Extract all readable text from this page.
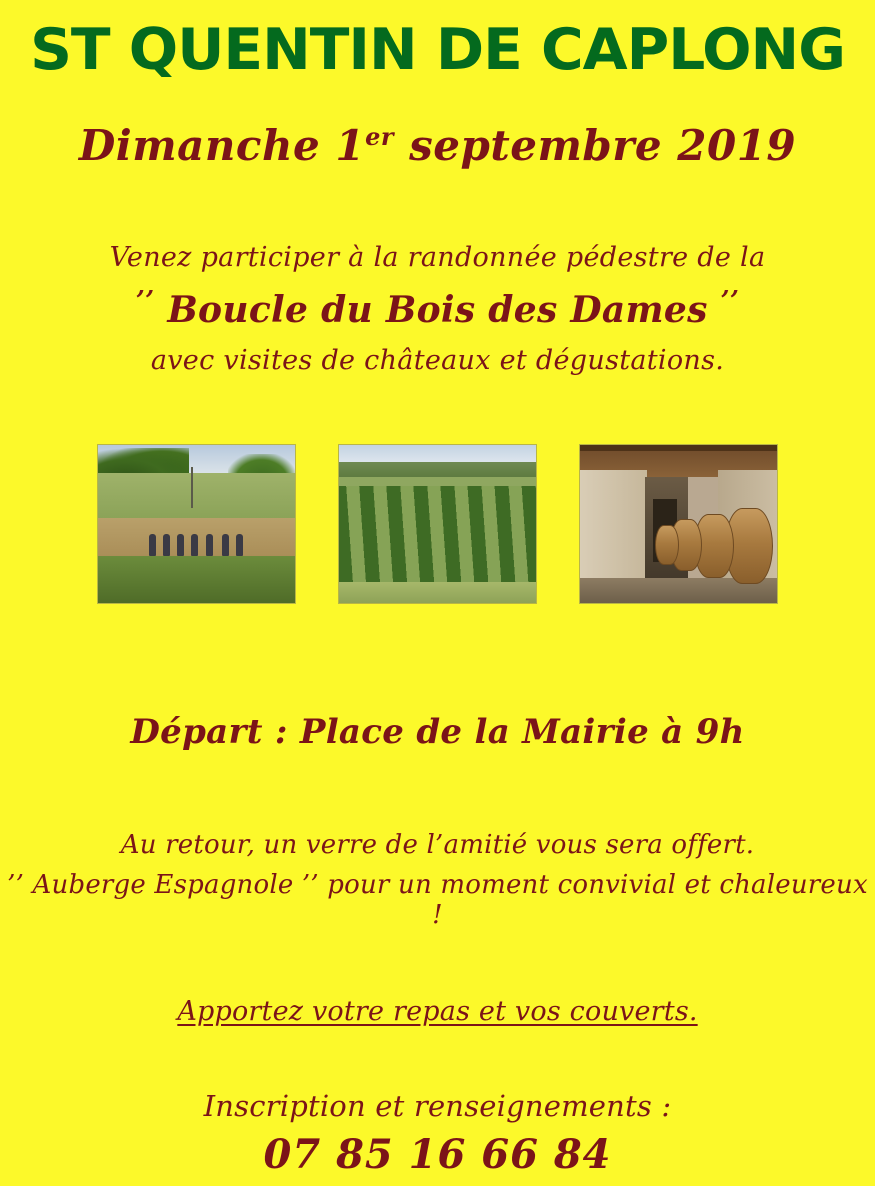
ST QUENTIN DE CAPLONG
Dimanche 1er septembre 2019
Venez participer à la randonnée pédestre de la
’’ Boucle du Bois des Dames ’’
avec visites de châteaux et dégustations.
Départ : Place de la Mairie à 9h
Au retour, un verre de l’amitié vous sera offert.
’’ Auberge Espagnole ’’ pour un moment convivial et chaleureux !
Apportez votre repas et vos couverts.
Inscription et renseignements :
07 85 16 66 84
